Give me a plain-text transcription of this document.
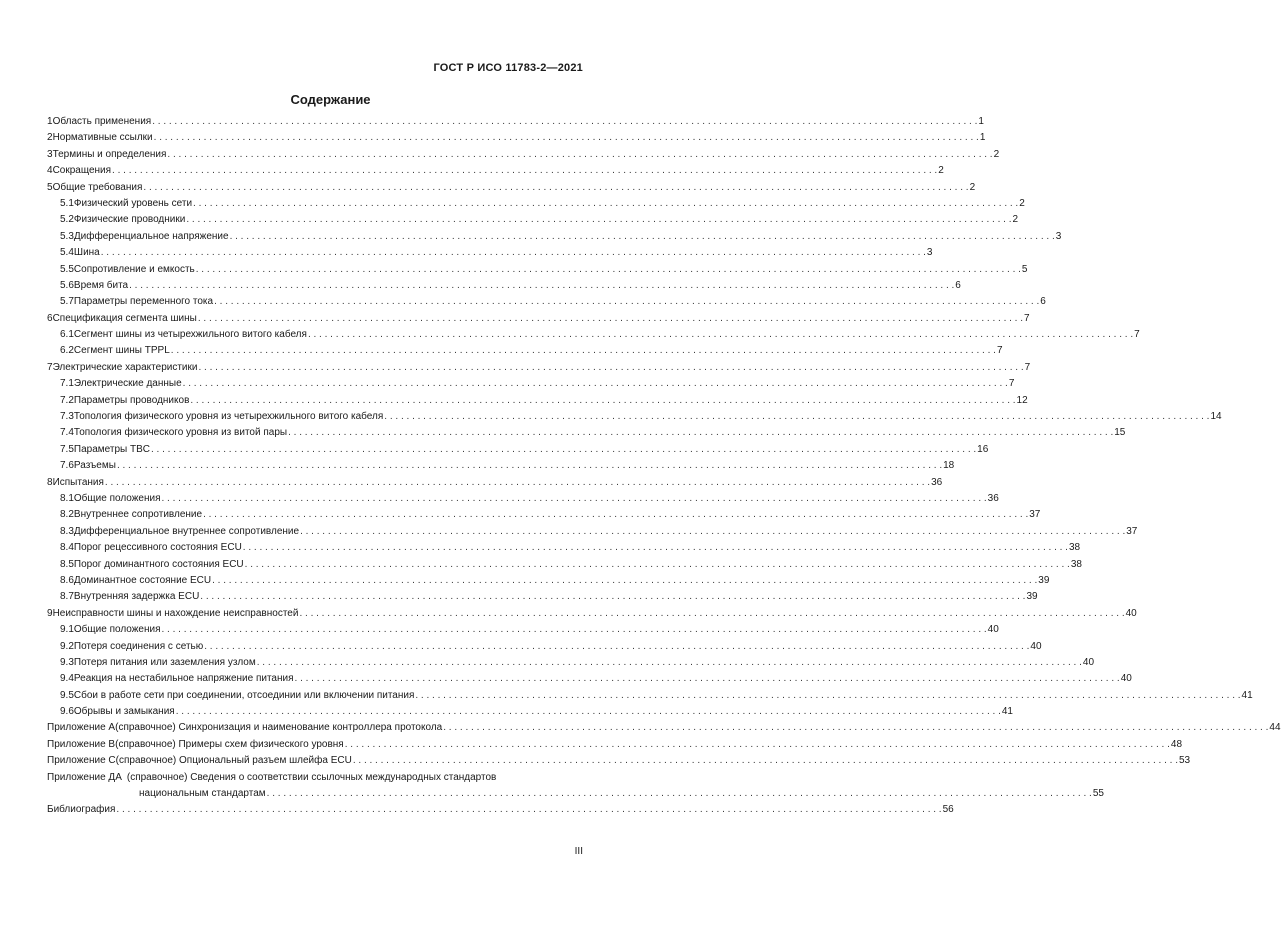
ГОСТ Р ИСО 11783-2—2021
Содержание
1 Область применения . . .	1
2 Нормативные ссылки . . .	1
3 Термины и определения . . .	2
4 Сокращения . . .	2
5 Общие требования . . .	2
5.1 Физический уровень сети . . .	2
5.2 Физические проводники . . .	2
5.3 Дифференциальное напряжение . . .	3
5.4 Шина . . .	3
5.5 Сопротивление и емкость . . .	5
5.6 Время бита . . .	6
5.7 Параметры переменного тока . . .	6
6 Спецификация сегмента шины . . .	7
6.1 Сегмент шины из четырехжильного витого кабеля . . .	7
6.2 Сегмент шины TPPL . . .	7
7 Электрические характеристики . . .	7
7.1 Электрические данные . . .	7
7.2 Параметры проводников . . .	12
7.3 Топология физического уровня из четырехжильного витого кабеля . . .	14
7.4 Топология физического уровня из витой пары . . .	15
7.5 Параметры TBC . . .	16
7.6 Разъемы . . .	18
8 Испытания . . .	36
8.1 Общие положения . . .	36
8.2 Внутреннее сопротивление . . .	37
8.3 Дифференциальное внутреннее сопротивление . . .	37
8.4 Порог рецессивного состояния ECU . . .	38
8.5 Порог доминантного состояния ECU . . .	38
8.6 Доминантное состояние ECU . . .	39
8.7 Внутренняя задержка ECU . . .	39
9 Неисправности шины и нахождение неисправностей . . .	40
9.1 Общие положения . . .	40
9.2 Потеря соединения с сетью . . .	40
9.3 Потеря питания или заземления узлом . . .	40
9.4 Реакция на нестабильное напряжение питания . . .	40
9.5 Сбои в работе сети при соединении, отсоединии или включении питания . . .	41
9.6 Обрывы и замыкания . . .	41
Приложение А (справочное) Синхронизация и наименование контроллера протокола . . .	44
Приложение В (справочное) Примеры схем физического уровня . . .	48
Приложение С (справочное) Опциональный разъем шлейфа ECU . . .	53
Приложение ДА (справочное) Сведения о соответствии ссылочных международных стандартов
национальным стандартам . . .	55
Библиография . . .	56
III
